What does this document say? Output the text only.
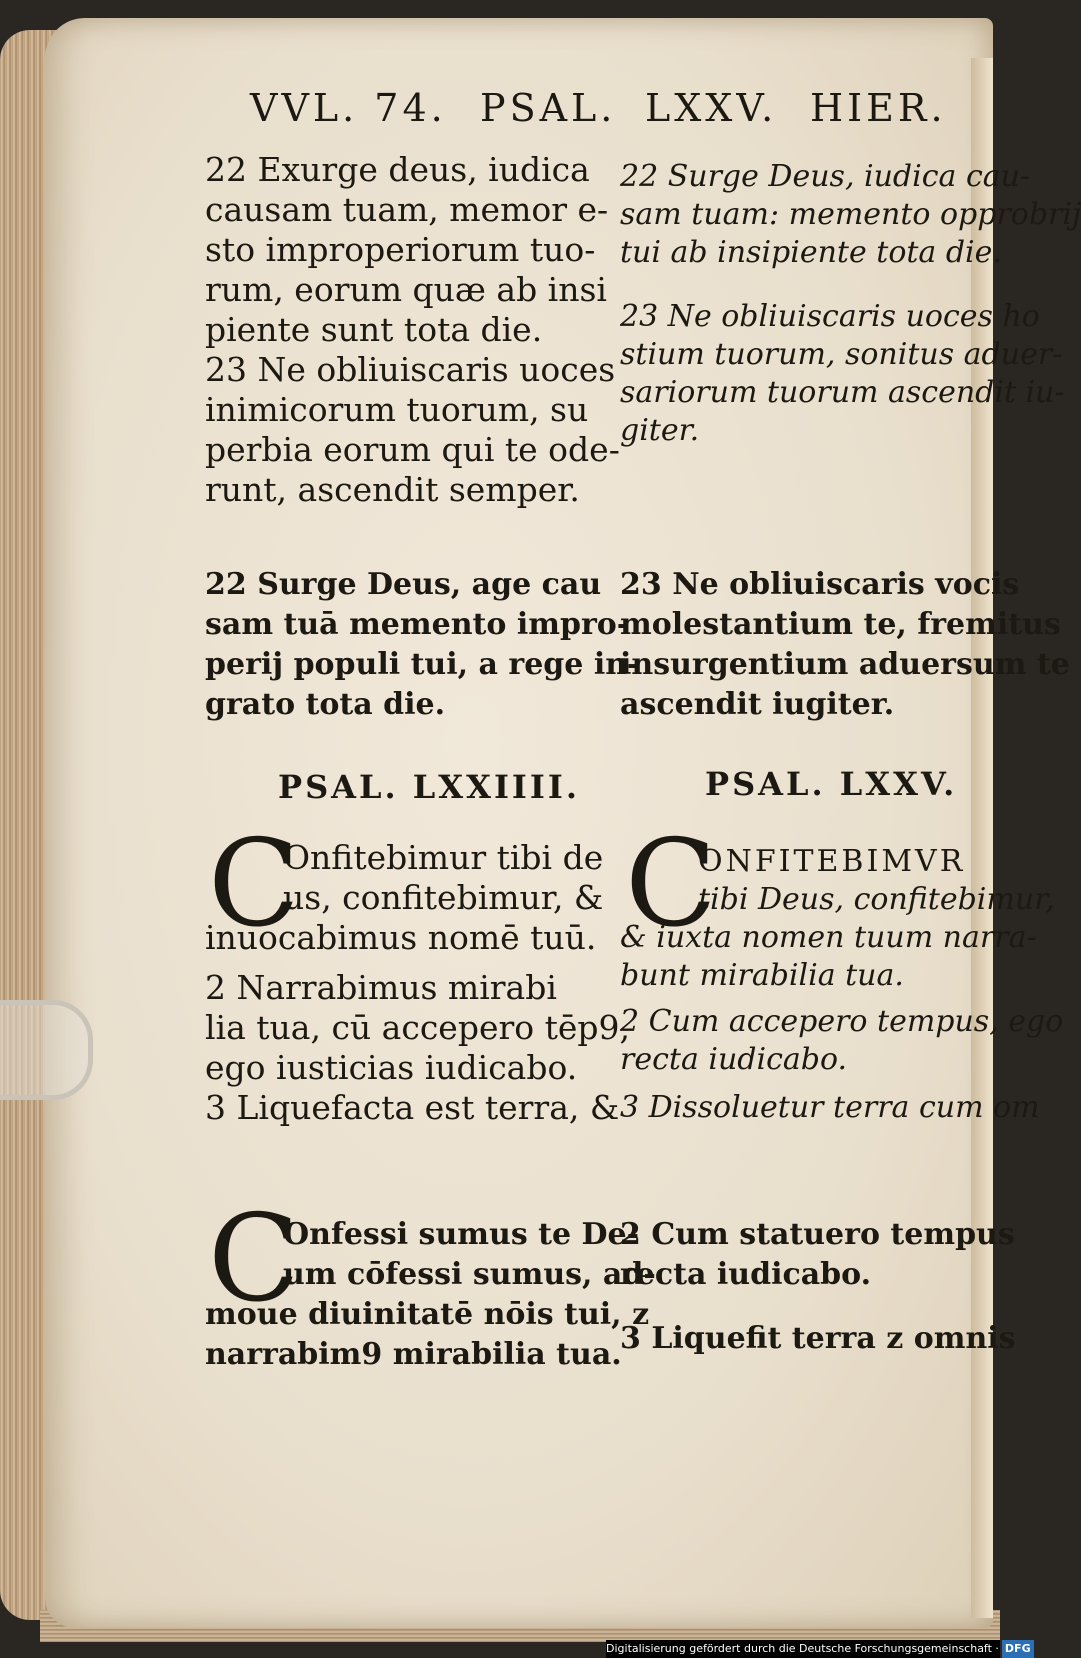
VVL. 74. PSAL. LXXV. HIER.
22 Exurge deus, iudica
causam tuam, memor e-
sto improperiorum tuo-
rum, eorum quæ ab insi
piente sunt tota die.
23 Ne obliuiscaris uoces
inimicorum tuorum, su
perbia eorum qui te ode-
runt, ascendit semper.
22 Surge Deus, iudica cau-
sam tuam: memento opprobrij
tui ab insipiente tota die.
23 Ne obliuiscaris uoces ho
stium tuorum, sonitus aduer-
sariorum tuorum ascendit iu-
giter.
22 Surge Deus, age cau
sam tuā memento impro-
perij populi tui, a rege in-
grato tota die.
23 Ne obliuiscaris vocis
molestantium te, fremitus
insurgentium aduersum te
ascendit iugiter.
PSAL. LXXIIII.	PSAL. LXXV.
C
Onfitebimur tibi de
us, confitebimur, &
inuocabimus nomē tuū.
2 Narrabimus mirabi
lia tua, cū accepero tēp9,
ego iusticias iudicabo.
3 Liquefacta est terra, &
C
ONFITEBIMVR
tibi Deus, confitebimur,
& iuxta nomen tuum narra-
bunt mirabilia tua.
2 Cum accepero tempus, ego
recta iudicabo.
3 Dissoluetur terra cum om
C
Onfessi sumus te De-
um cōfessi sumus, ad-
moue diuinitatē nōis tui, z
narrabim9 mirabilia tua.
2 Cum statuero tempus
recta iudicabo.
3 Liquefit terra z omnis
Digitalisierung gefördert durch die Deutsche Forschungsgemeinschaft · DFG
